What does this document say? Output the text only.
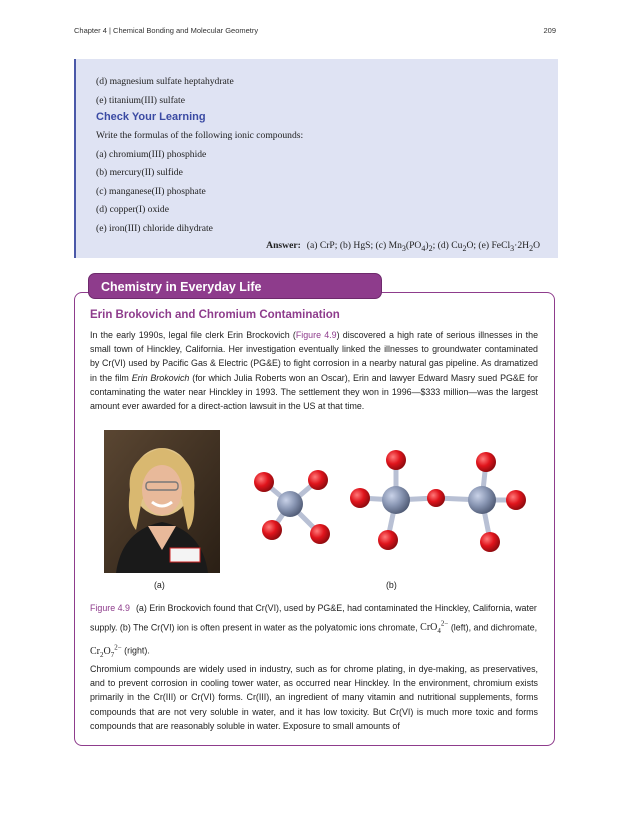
Chapter 4 | Chemical Bonding and Molecular Geometry	209
(d) magnesium sulfate heptahydrate
(e) titanium(III) sulfate
Check Your Learning
Write the formulas of the following ionic compounds:
(a) chromium(III) phosphide
(b) mercury(II) sulfide
(c) manganese(II) phosphate
(d) copper(I) oxide
(e) iron(III) chloride dihydrate
Answer: (a) CrP; (b) HgS; (c) $Mn_3(PO_4)_2$; (d) $Cu_2O$; (e) $FeCl_3\cdot 2H_2O$
Chemistry in Everyday Life
Erin Brokovich and Chromium Contamination
In the early 1990s, legal file clerk Erin Brockovich (Figure 4.9) discovered a high rate of serious illnesses in the small town of Hinckley, California. Her investigation eventually linked the illnesses to groundwater contaminated by Cr(VI) used by Pacific Gas & Electric (PG&E) to fight corrosion in a nearby natural gas pipeline. As dramatized in the film Erin Brokovich (for which Julia Roberts won an Oscar), Erin and lawyer Edward Masry sued PG&E for contaminating the water near Hinckley in 1993. The settlement they won in 1996—$333 million—was the largest amount ever awarded for a direct-action lawsuit in the US at that time.
(a)	(b)
Figure 4.9 (a) Erin Brockovich found that Cr(VI), used by PG&E, had contaminated the Hinckley, California, water supply. (b) The Cr(VI) ion is often present in water as the polyatomic ions chromate, CrO$_4^{2-}$ (left), and dichromate, $Cr_2O_7^{2-}$ (right).
Chromium compounds are widely used in industry, such as for chrome plating, in dye-making, as preservatives, and to prevent corrosion in cooling tower water, as occurred near Hinckley. In the environment, chromium exists primarily in the Cr(III) or Cr(VI) forms. Cr(III), an ingredient of many vitamin and nutritional supplements, forms compounds that are not very soluble in water, and it has low toxicity. But Cr(VI) is much more toxic and forms compounds that are reasonably soluble in water. Exposure to small amounts of
